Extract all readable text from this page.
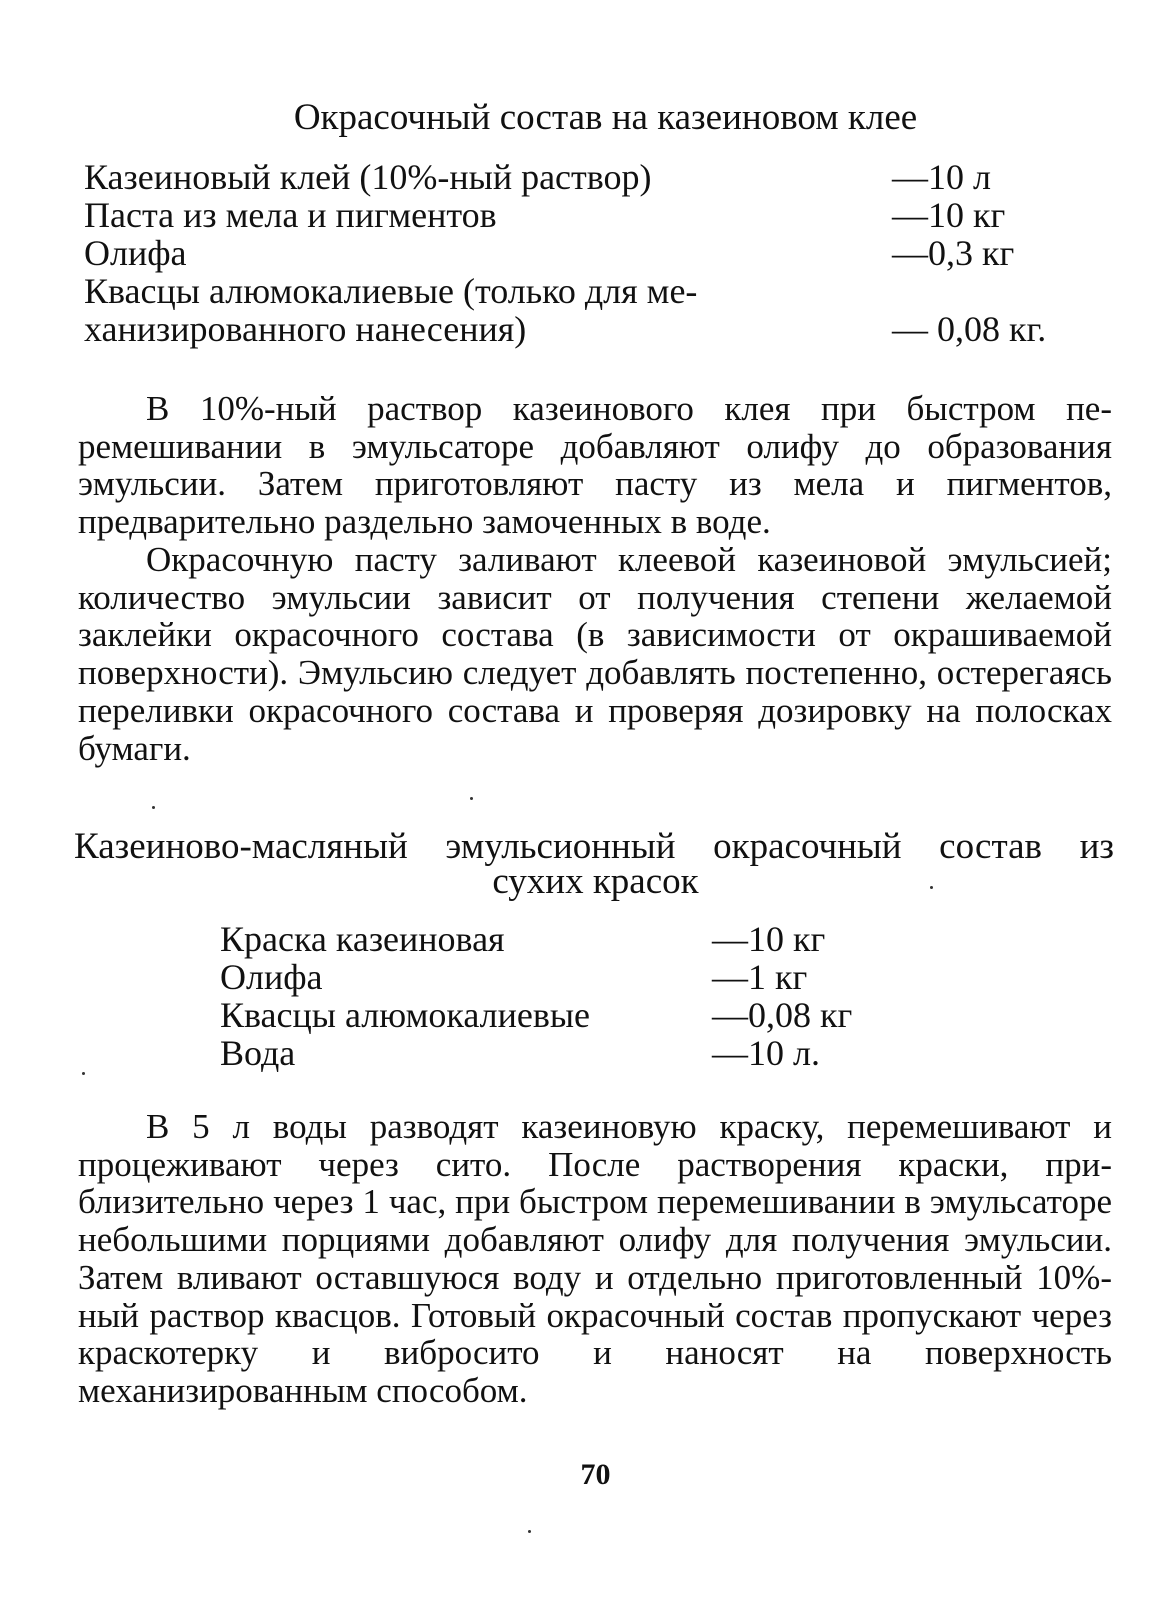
Окрасочный состав на казеиновом клее
Казеиновый клей (10%-ный раствор)	—10 л
Паста из мела и пигментов	—10 кг
Олифа	—0,3 кг
Квасцы алюмокалиевые (только для ме-
ханизированного нанесения)	— 0,08 кг.

В 10%-ный раствор казеинового клея при быстром перемешивании в эмульсаторе добавляют олифу до образования эмульсии. Затем приготовляют пасту из мела и пигментов, предварительно раздельно замоченных в воде.

Окрасочную пасту заливают клеевой казеиновой эмульсией; количество эмульсии зависит от получения степени желаемой заклейки окрасочного состава (в зависимости от окрашиваемой поверхности). Эмульсию следует добавлять постепенно, остерегаясь переливки окрасочного состава и проверяя дозировку на полосках бумаги.

Казеиново-масляный эмульсионный окрасочный состав из
сухих красок
Краска казеиновая	—10 кг
Олифа	—1 кг
Квасцы алюмокалиевые	—0,08 кг
Вода	—10 л.

В 5 л воды разводят казеиновую краску, перемешивают и процеживают через сито. После растворения краски, приблизительно через 1 час, при быстром перемешивании в эмульсаторе небольшими порциями добавляют олифу для получения эмульсии. Затем вливают оставшуюся воду и отдельно приготовленный 10%-ный раствор квасцов. Готовый окрасочный состав пропускают через краскотерку и вибросито и наносят на поверхность механизированным способом.

70
